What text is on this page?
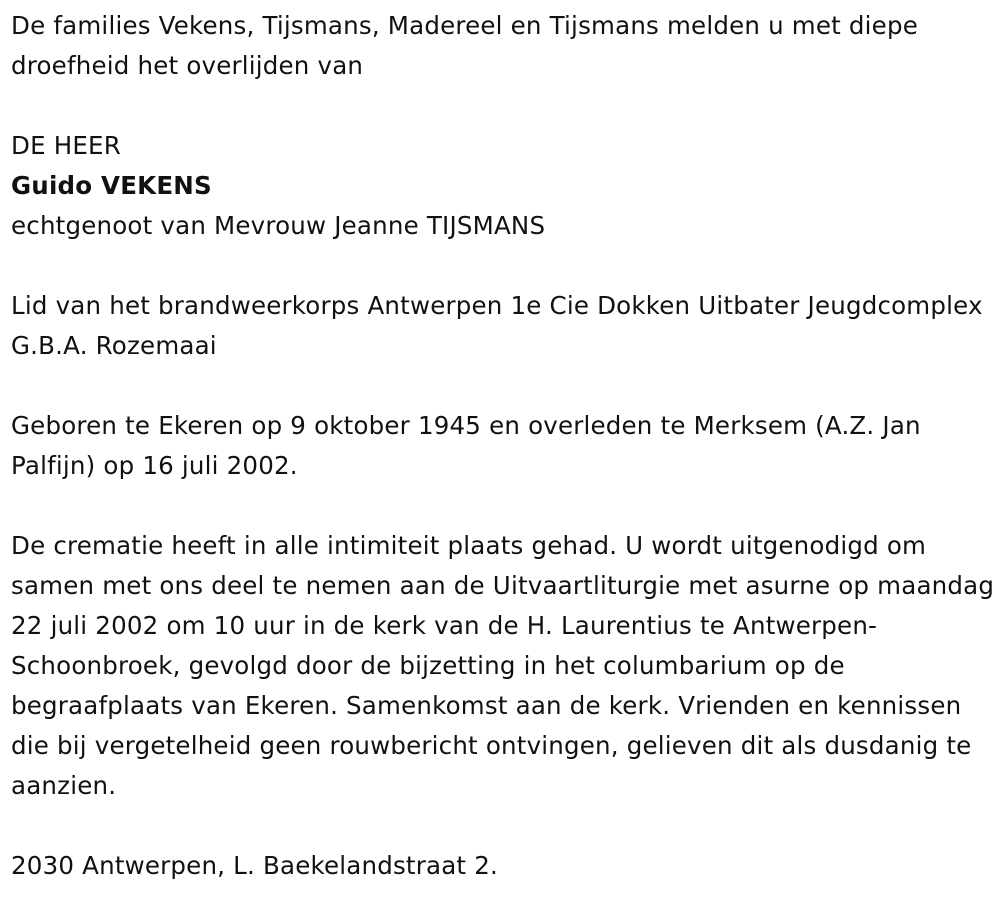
De families Vekens, Tijsmans, Madereel en Tijsmans melden u met diepe droefheid het overlijden van

DE HEER

Guido VEKENS

echtgenoot van Mevrouw Jeanne TIJSMANS

Lid van het brandweerkorps Antwerpen 1e Cie Dokken Uitbater Jeugdcomplex G.B.A. Rozemaai

Geboren te Ekeren op 9 oktober 1945 en overleden te Merksem (A.Z. Jan Palfijn) op 16 juli 2002.

De crematie heeft in alle intimiteit plaats gehad. U wordt uitgenodigd om samen met ons deel te nemen aan de Uitvaartliturgie met asurne op maandag 22 juli 2002 om 10 uur in de kerk van de H. Laurentius te Antwerpen-Schoonbroek, gevolgd door de bijzetting in het columbarium op de begraafplaats van Ekeren. Samenkomst aan de kerk. Vrienden en kennissen die bij vergetelheid geen rouwbericht ontvingen, gelieven dit als dusdanig te aanzien.

2030 Antwerpen, L. Baekelandstraat 2.
